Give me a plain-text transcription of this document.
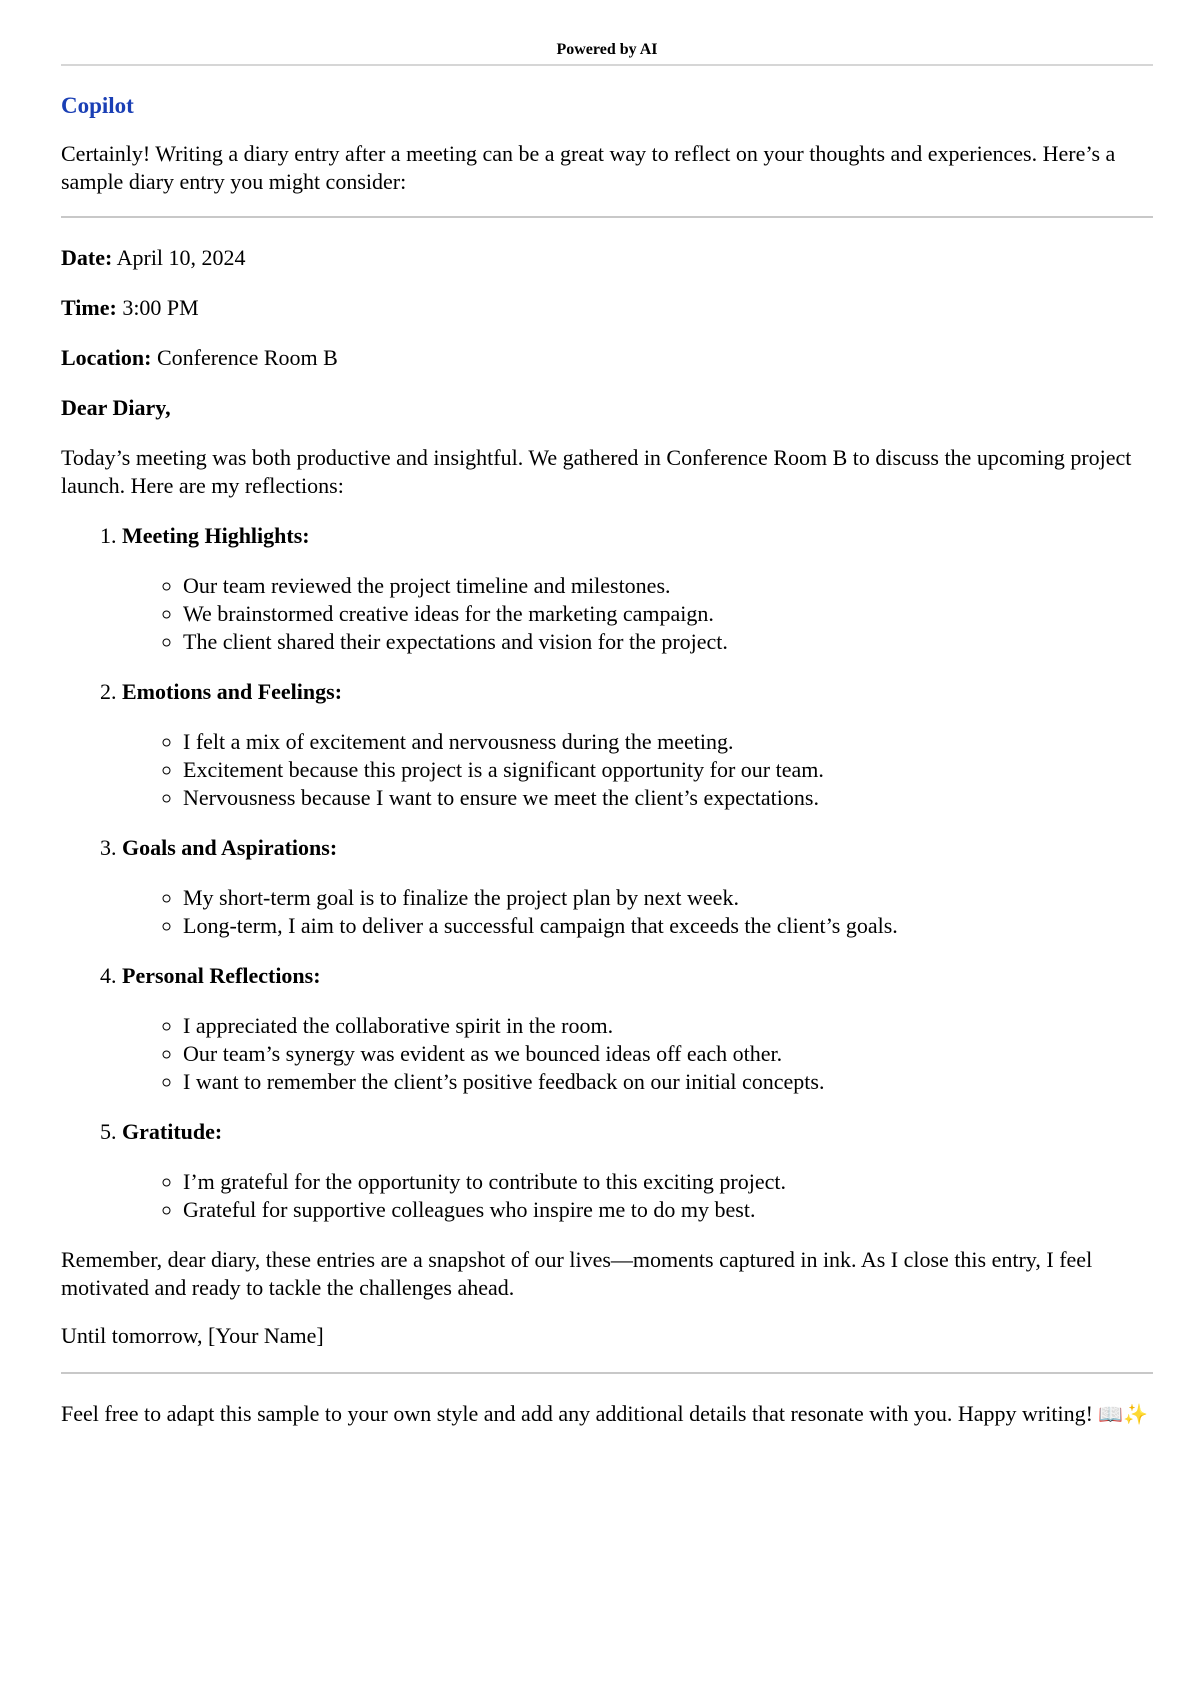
Powered by AI
Copilot

Certainly! Writing a diary entry after a meeting can be a great way to reflect on your thoughts and experiences. Here’s a sample diary entry you might consider:

Date: April 10, 2024

Time: 3:00 PM

Location: Conference Room B

Dear Diary,

Today’s meeting was both productive and insightful. We gathered in Conference Room B to discuss the upcoming project launch. Here are my reflections:

1. Meeting Highlights:
◦ Our team reviewed the project timeline and milestones.
◦ We brainstormed creative ideas for the marketing campaign.
◦ The client shared their expectations and vision for the project.
2. Emotions and Feelings:
◦ I felt a mix of excitement and nervousness during the meeting.
◦ Excitement because this project is a significant opportunity for our team.
◦ Nervousness because I want to ensure we meet the client’s expectations.
3. Goals and Aspirations:
◦ My short-term goal is to finalize the project plan by next week.
◦ Long-term, I aim to deliver a successful campaign that exceeds the client’s goals.
4. Personal Reflections:
◦ I appreciated the collaborative spirit in the room.
◦ Our team’s synergy was evident as we bounced ideas off each other.
◦ I want to remember the client’s positive feedback on our initial concepts.
5. Gratitude:
◦ I’m grateful for the opportunity to contribute to this exciting project.
◦ Grateful for supportive colleagues who inspire me to do my best.

Remember, dear diary, these entries are a snapshot of our lives—moments captured in ink. As I close this entry, I feel motivated and ready to tackle the challenges ahead.

Until tomorrow, [Your Name]

Feel free to adapt this sample to your own style and add any additional details that resonate with you. Happy writing! 📖✨
